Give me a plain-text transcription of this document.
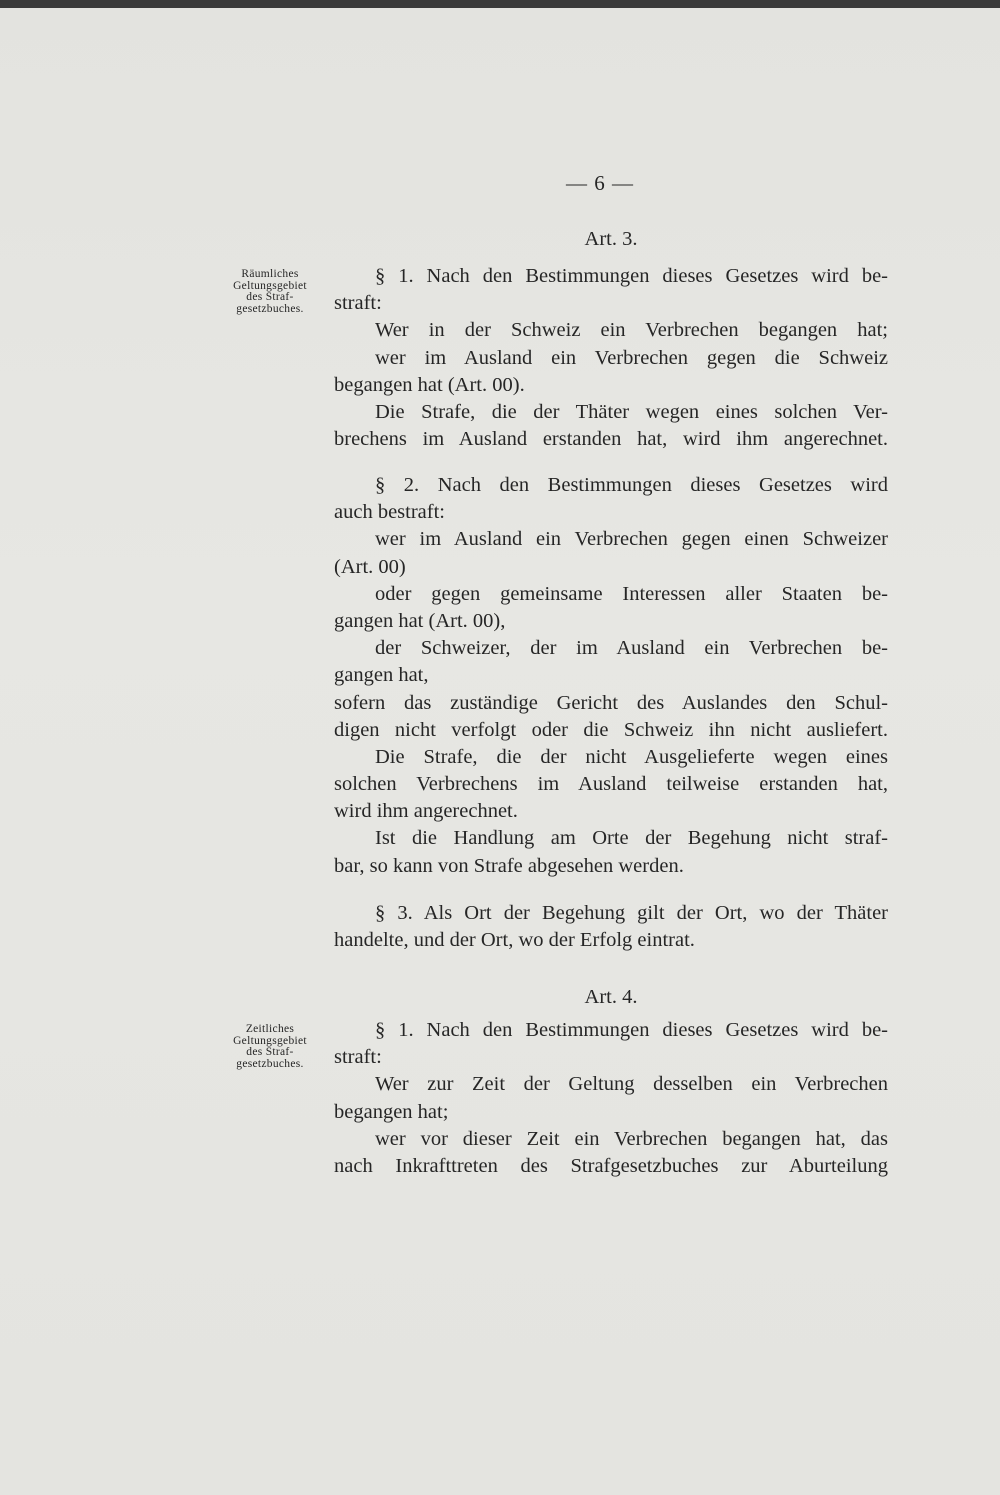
— 6 —
Art. 3.
Räumliches
Geltungsgebiet
des Straf-
gesetzbuches.
§ 1. Nach den Bestimmungen dieses Gesetzes wird be-
straft:
Wer in der Schweiz ein Verbrechen begangen hat;
wer im Ausland ein Verbrechen gegen die Schweiz
begangen hat (Art. 00).
Die Strafe, die der Thäter wegen eines solchen Ver-
brechens im Ausland erstanden hat, wird ihm angerechnet.
§ 2. Nach den Bestimmungen dieses Gesetzes wird
auch bestraft:
wer im Ausland ein Verbrechen gegen einen Schweizer
(Art. 00)
oder gegen gemeinsame Interessen aller Staaten be-
gangen hat (Art. 00),
der Schweizer, der im Ausland ein Verbrechen be-
gangen hat,
sofern das zuständige Gericht des Auslandes den Schul-
digen nicht verfolgt oder die Schweiz ihn nicht ausliefert.
Die Strafe, die der nicht Ausgelieferte wegen eines
solchen Verbrechens im Ausland teilweise erstanden hat,
wird ihm angerechnet.
Ist die Handlung am Orte der Begehung nicht straf-
bar, so kann von Strafe abgesehen werden.
§ 3. Als Ort der Begehung gilt der Ort, wo der Thäter
handelte, und der Ort, wo der Erfolg eintrat.
Art. 4.
Zeitliches
Geltungsgebiet
des Straf-
gesetzbuches.
§ 1. Nach den Bestimmungen dieses Gesetzes wird be-
straft:
Wer zur Zeit der Geltung desselben ein Verbrechen
begangen hat;
wer vor dieser Zeit ein Verbrechen begangen hat, das
nach Inkrafttreten des Strafgesetzbuches zur Aburteilung
